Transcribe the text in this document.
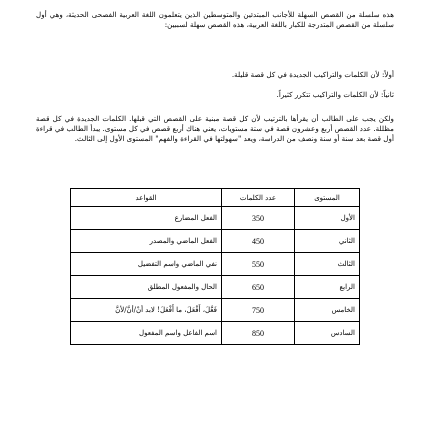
هذه سلسلة من القصص السهلة للأجانب المبتدئين والمتوسطين الذين يتعلمون اللغة العربية الفصحى الحديثة، وهي أول سلسلة من القصص المتدرجة للكبار باللغة العربية، هذه القصص سهلة لسببين:

أولاً: لأن الكلمات والتراكيب الجديدة في كل قصة قليلة.

ثانياً: لأن الكلمات والتراكيب تتكرر كثيراً.

ولكن يجب على الطالب أن يقرأها بالترتيب لأن كل قصة مبنية على القصص التي قبلها. الكلمات الجديدة في كل قصة مظللة. عدد القصص أربع وعشرون قصة في ستة مستويات، يعني هناك أربع قصص في كل مستوى. يبدأ الطالب في قراءة أول قصة بعد سنة أو سنة ونصف من الدراسة، ويعد "سهولتها في القراءة والفهم" المستوى الأول إلى الثالث.

المستوى	عدد الكلمات	القواعد
الأول	350	الفعل المضارع
الثاني	450	الفعل الماضي والمصدر
الثالث	550	نفي الماضي واسم التفضيل
الرابع	650	الحال والمفعول المطلق
الخامس	750	فَعَّلَ، أَفْعَلَ، ما أَفْعَلَ! لابد أنْ/أنَّ/لأنَّ
السادس	850	اسم الفاعل واسم المفعول
